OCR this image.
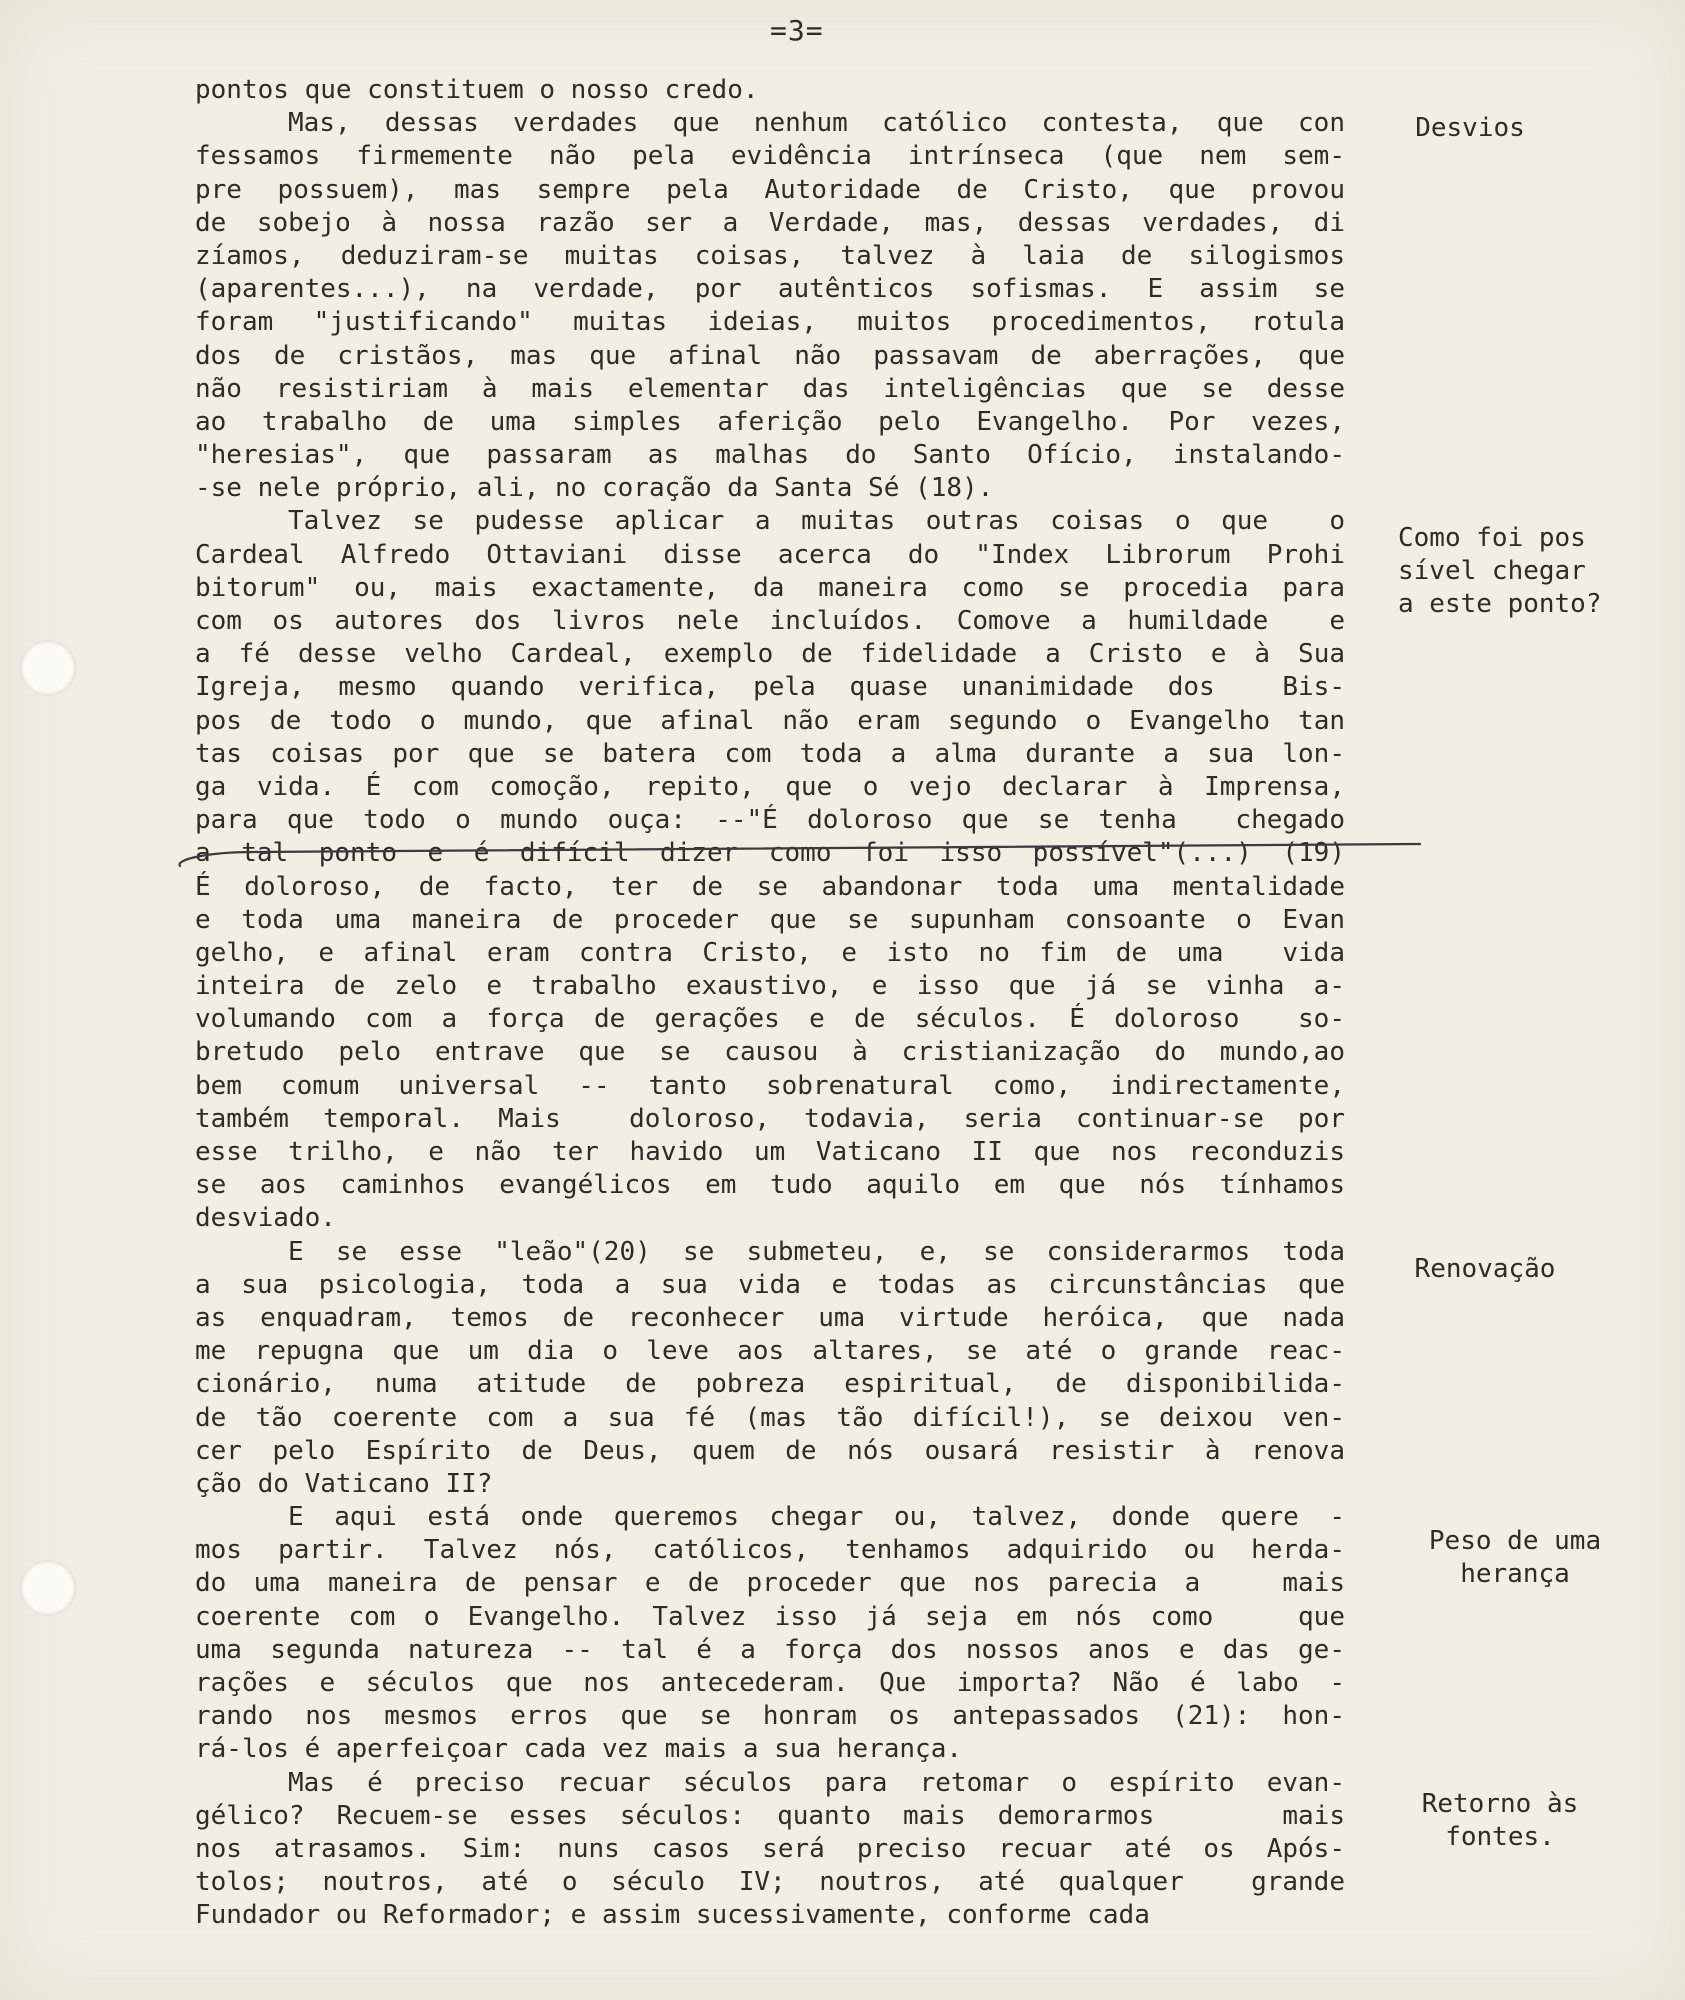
=3=
pontos que constituem o nosso credo.
Mas, dessas verdades que nenhum católico contesta, que con
fessamos firmemente não pela evidência intrínseca (que nem sem-
pre possuem), mas sempre pela Autoridade de Cristo, que provou
de sobejo à nossa razão ser a Verdade, mas, dessas verdades, di
zíamos, deduziram-se muitas coisas, talvez à laia de silogismos
(aparentes...), na verdade, por autênticos sofismas. E assim se
foram "justificando" muitas ideias, muitos procedimentos, rotula
dos de cristãos, mas que afinal não passavam de aberrações, que
não resistiriam à mais elementar das inteligências que se desse
ao trabalho de uma simples aferição pelo Evangelho. Por vezes,
"heresias", que passaram as malhas do Santo Ofício, instalando-
-se nele próprio, ali, no coração da Santa Sé (18).
Talvez se pudesse aplicar a muitas outras coisas o que  o
Cardeal Alfredo Ottaviani disse acerca do "Index Librorum Prohi
bitorum" ou, mais exactamente, da maneira como se procedia para
com os autores dos livros nele incluídos. Comove a humildade  e
a fé desse velho Cardeal, exemplo de fidelidade a Cristo e à Sua
Igreja, mesmo quando verifica, pela quase unanimidade dos  Bis-
pos de todo o mundo, que afinal não eram segundo o Evangelho tan
tas coisas por que se batera com toda a alma durante a sua lon-
ga vida. É com comoção, repito, que o vejo declarar à Imprensa,
para que todo o mundo ouça: --"É doloroso que se tenha  chegado
a tal ponto e é difícil dizer como foi isso possível"(...) (19)
É doloroso, de facto, ter de se abandonar toda uma mentalidade
e toda uma maneira de proceder que se supunham consoante o Evan
gelho, e afinal eram contra Cristo, e isto no fim de uma  vida
inteira de zelo e trabalho exaustivo, e isso que já se vinha a-
volumando com a força de gerações e de séculos. É doloroso  so-
bretudo pelo entrave que se causou à cristianização do mundo,ao
bem comum universal -- tanto sobrenatural como, indirectamente,
também temporal. Mais  doloroso, todavia, seria continuar-se por
esse trilho, e não ter havido um Vaticano II que nos reconduzis
se aos caminhos evangélicos em tudo aquilo em que nós tínhamos
desviado.
E se esse "leão"(20) se submeteu, e, se considerarmos toda
a sua psicologia, toda a sua vida e todas as circunstâncias que
as enquadram, temos de reconhecer uma virtude heróica, que nada
me repugna que um dia o leve aos altares, se até o grande reac-
cionário, numa atitude de pobreza espiritual, de disponibilida-
de tão coerente com a sua fé (mas tão difícil!), se deixou ven-
cer pelo Espírito de Deus, quem de nós ousará resistir à renova
ção do Vaticano II?
E aqui está onde queremos chegar ou, talvez, donde quere -
mos partir. Talvez nós, católicos, tenhamos adquirido ou herda-
do uma maneira de pensar e de proceder que nos parecia a   mais
coerente com o Evangelho. Talvez isso já seja em nós como   que
uma segunda natureza -- tal é a força dos nossos anos e das ge-
rações e séculos que nos antecederam. Que importa? Não é labo -
rando nos mesmos erros que se honram os antepassados (21): hon-
rá-los é aperfeiçoar cada vez mais a sua herança.
Mas é preciso recuar séculos para retomar o espírito evan-
gélico? Recuem-se esses séculos: quanto mais demorarmos    mais
nos atrasamos. Sim: nuns casos será preciso recuar até os Após-
tolos; noutros, até o século IV; noutros, até qualquer  grande
Fundador ou Reformador; e assim sucessivamente, conforme cada
Desvios
Como foi pos
sível chegar
a este ponto?
Renovação
Peso de uma
herança
Retorno às
fontes.
